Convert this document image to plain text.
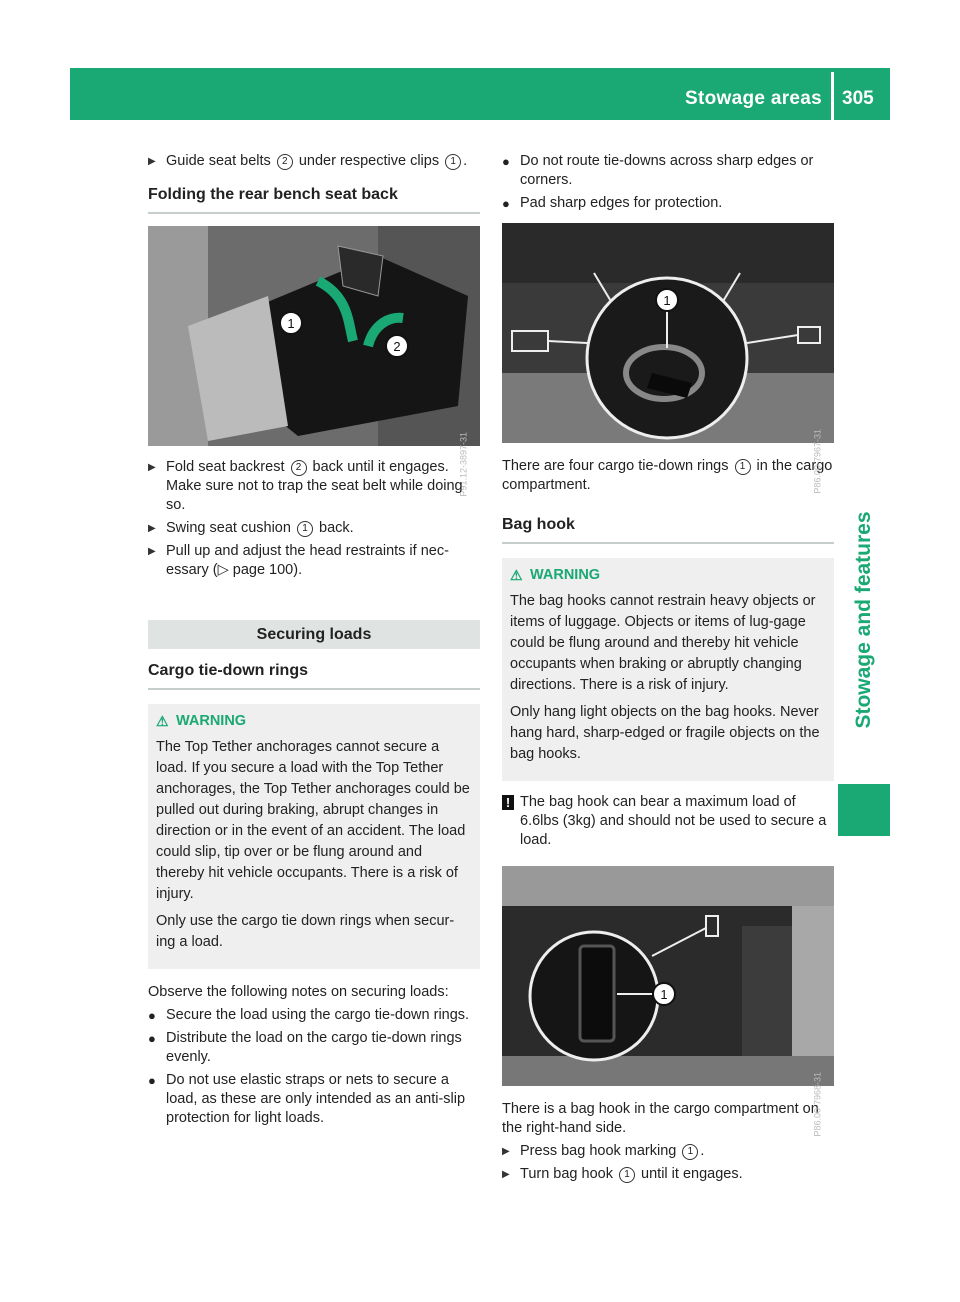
Stowage areas 305
Stowage and features

▶ Guide seat belts 2 under respective clips 1 .

Folding the rear bench seat back
1
2
P91.12-3897-31

▶ Fold seat backrest 2 back until it engages. Make sure not to trap the seat belt while doing so.

▶ Swing seat cushion 1 back.

▶ Pull up and adjust the head restraints if nec-essary (▷ page 100).

Securing loads
Cargo tie-down rings
⚠ WARNING

The Top Tether anchorages cannot secure a load. If you secure a load with the Top Tether anchorages, the Top Tether anchorages could be pulled out during braking, abrupt changes in direction or in the event of an accident. The load could slip, tip over or be flung around and thereby hit vehicle occupants. There is a risk of injury.

Only use the cargo tie down rings when secur-ing a load.

Observe the following notes on securing loads:

● Secure the load using the cargo tie-down rings.

● Distribute the load on the cargo tie-down rings evenly.

● Do not use elastic straps or nets to secure a load, as these are only intended as an anti-slip protection for light loads.

● Do not route tie-downs across sharp edges or corners.

● Pad sharp edges for protection.

1
P86.00-7967-31

There are four cargo tie-down rings 1 in the cargo compartment.

Bag hook
⚠ WARNING

The bag hooks cannot restrain heavy objects or items of luggage. Objects or items of lug-gage could be flung around and thereby hit vehicle occupants when braking or abruptly changing directions. There is a risk of injury.

Only hang light objects on the bag hooks. Never hang hard, sharp-edged or fragile objects on the bag hooks.

! The bag hook can bear a maximum load of 6.6lbs (3kg) and should not be used to secure a load.

1
P86.00-7968-31

There is a bag hook in the cargo compartment on the right-hand side.

▶ Press bag hook marking 1 .

▶ Turn bag hook 1 until it engages.
